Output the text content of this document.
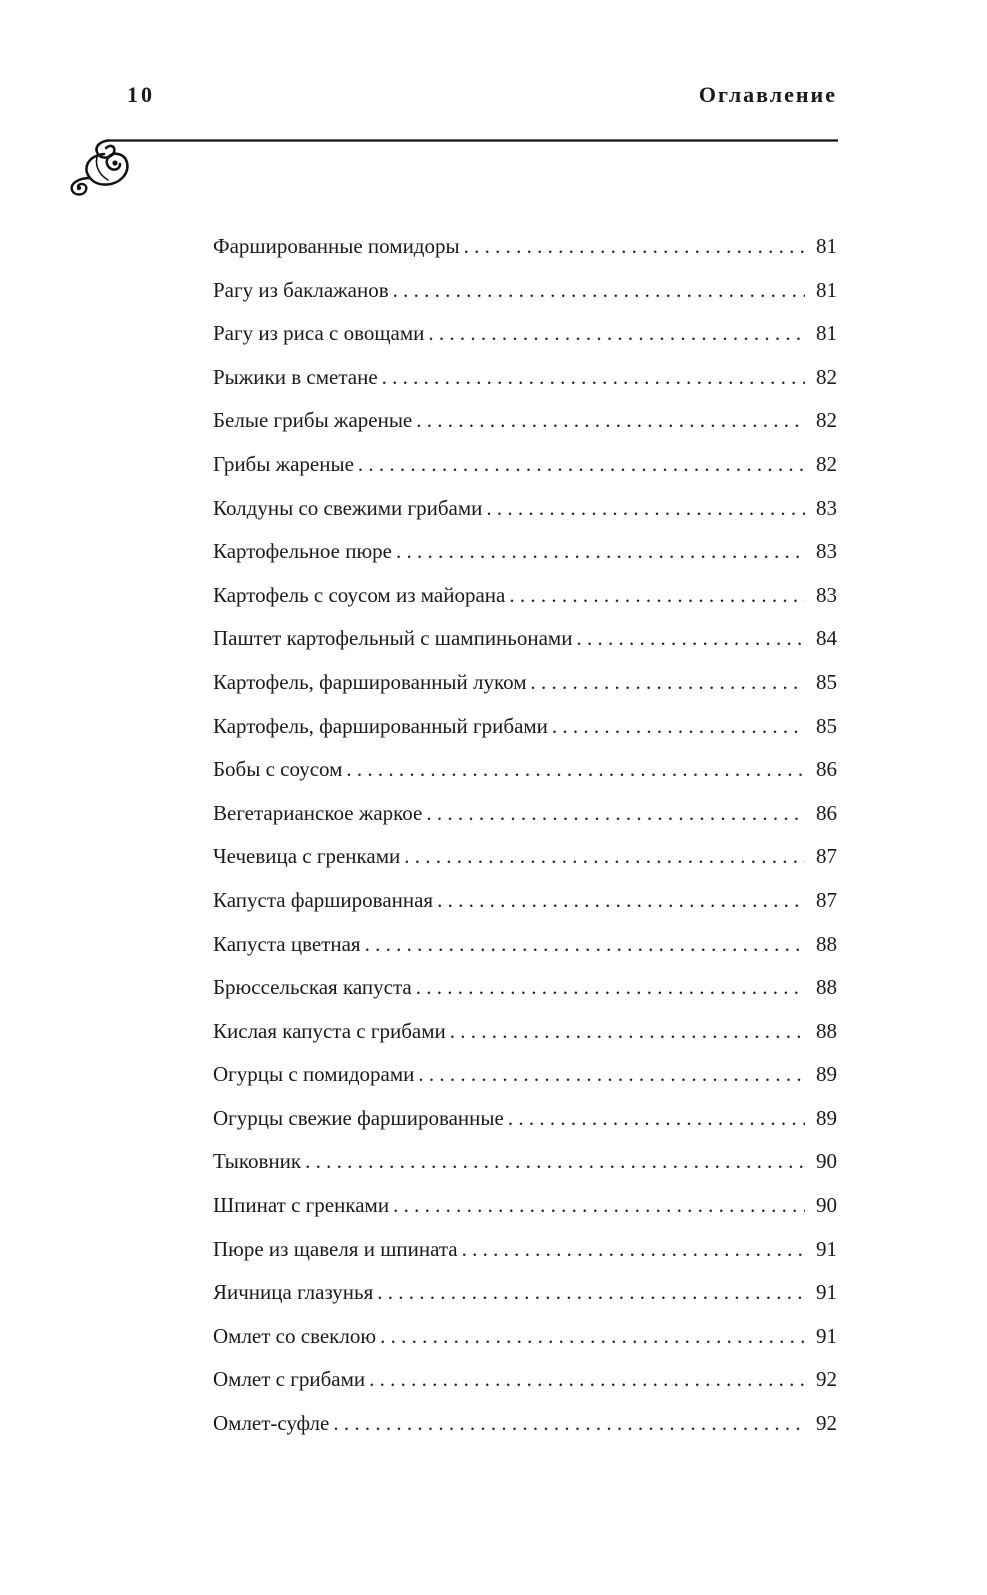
10	Оглавление
Фаршированные помидоры . . .	81
Рагу из баклажанов . . .	81
Рагу из риса с овощами . . .	81
Рыжики в сметане . . .	82
Белые грибы жареные . . .	82
Грибы жареные . . .	82
Колдуны со свежими грибами . . .	83
Картофельное пюре . . .	83
Картофель с соусом из майорана . . .	83
Паштет картофельный с шампиньонами . . .	84
Картофель, фаршированный луком . . .	85
Картофель, фаршированный грибами . . .	85
Бобы с соусом . . .	86
Вегетарианское жаркое . . .	86
Чечевица с гренками . . .	87
Капуста фаршированная . . .	87
Капуста цветная . . .	88
Брюссельская капуста . . .	88
Кислая капуста с грибами . . .	88
Огурцы с помидорами . . .	89
Огурцы свежие фаршированные . . .	89
Тыковник . . .	90
Шпинат с гренками . . .	90
Пюре из щавеля и шпината . . .	91
Яичница глазунья . . .	91
Омлет со свеклою . . .	91
Омлет с грибами . . .	92
Омлет-суфле . . .	92
